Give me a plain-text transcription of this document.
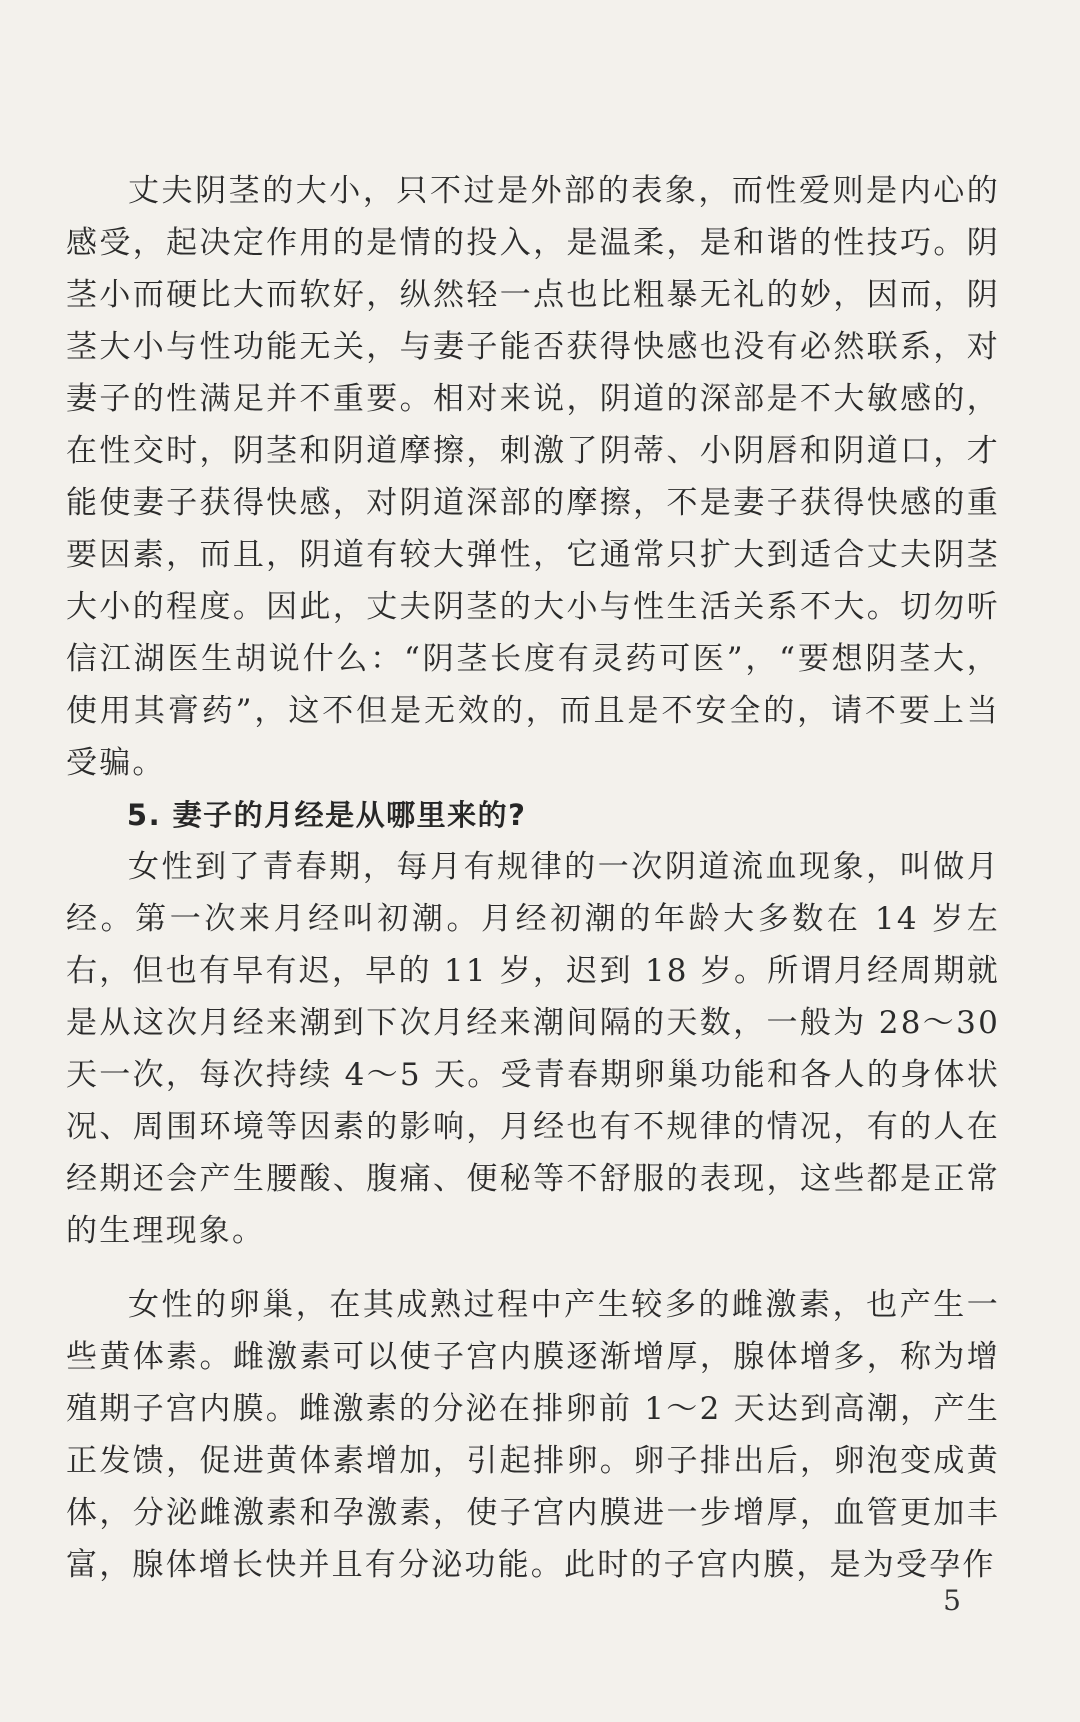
丈夫阴茎的大小，只不过是外部的表象，而性爱则是内心的感受，起决定作用的是情的投入，是温柔，是和谐的性技巧。阴茎小而硬比大而软好，纵然轻一点也比粗暴无礼的妙，因而，阴茎大小与性功能无关，与妻子能否获得快感也没有必然联系，对妻子的性满足并不重要。相对来说，阴道的深部是不大敏感的，在性交时，阴茎和阴道摩擦，刺激了阴蒂、小阴唇和阴道口，才能使妻子获得快感，对阴道深部的摩擦，不是妻子获得快感的重要因素，而且，阴道有较大弹性，它通常只扩大到适合丈夫阴茎大小的程度。因此，丈夫阴茎的大小与性生活关系不大。切勿听信江湖医生胡说什么：“阴茎长度有灵药可医”，“要想阴茎大，使用其膏药”，这不但是无效的，而且是不安全的，请不要上当受骗。

5. 妻子的月经是从哪里来的?

女性到了青春期，每月有规律的一次阴道流血现象，叫做月经。第一次来月经叫初潮。月经初潮的年龄大多数在 14 岁左右，但也有早有迟，早的 11 岁，迟到 18 岁。所谓月经周期就是从这次月经来潮到下次月经来潮间隔的天数，一般为 28～30 天一次，每次持续 4～5 天。受青春期卵巢功能和各人的身体状况、周围环境等因素的影响，月经也有不规律的情况，有的人在经期还会产生腰酸、腹痛、便秘等不舒服的表现，这些都是正常的生理现象。

女性的卵巢，在其成熟过程中产生较多的雌激素，也产生一些黄体素。雌激素可以使子宫内膜逐渐增厚，腺体增多，称为增殖期子宫内膜。雌激素的分泌在排卵前 1～2 天达到高潮，产生正发馈，促进黄体素增加，引起排卵。卵子排出后，卵泡变成黄体，分泌雌激素和孕激素，使子宫内膜进一步增厚，血管更加丰富，腺体增长快并且有分泌功能。此时的子宫内膜，是为受孕作

5
